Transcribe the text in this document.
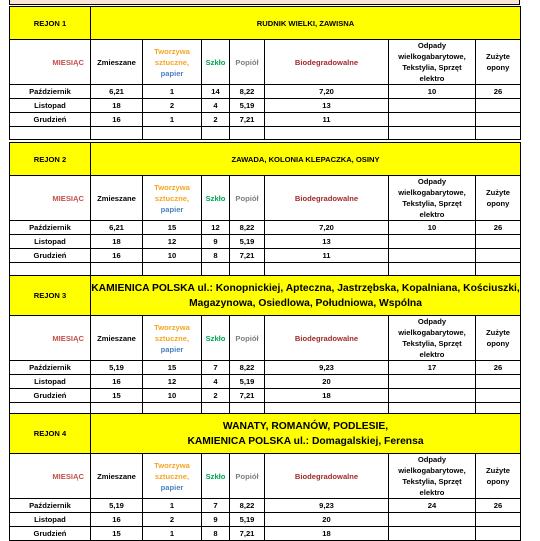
REJON 1	RUDNIK WIELKI, ZAWISNA						

MIESIĄC	Zmieszane	Tworzywa
sztuczne,
papier	Szkło	Popiół	Biodegradowalne	Odpady wielkogabarytowe, Tekstylia, Sprzęt elektro	Zużyte opony
Październik	6,21	1	14	8,22	7,20	10	26
Listopad	18	2	4	5,19	13		
Grudzień	16	1	2	7,21	11		

REJON 2	ZAWADA, KOLONIA KLEPACZKA, OSINY						

MIESIĄC	Zmieszane	Tworzywa
sztuczne,
papier	Szkło	Popiół	Biodegradowalne	Odpady wielkogabarytowe, Tekstylia, Sprzęt elektro	Zużyte opony
Październik	6,21	15	12	8,22	7,20	10	26
Listopad	18	12	9	5,19	13		
Grudzień	16	10	8	7,21	11		

REJON 3	KAMIENICA POLSKA ul.: Konopnickiej, Apteczna, Jastrzębska, Kopalniana, Kościuszki,
Magazynowa, Osiedlowa, Południowa, Wspólna						

MIESIĄC	Zmieszane	Tworzywa
sztuczne,
papier	Szkło	Popiół	Biodegradowalne	Odpady wielkogabarytowe, Tekstylia, Sprzęt elektro	Zużyte opony
Październik	5,19	15	7	8,22	9,23	17	26
Listopad	16	12	4	5,19	20		
Grudzień	15	10	2	7,21	18		

REJON 4	WANATY, ROMANÓW, PODLESIE,
KAMIENICA POLSKA ul.: Domagalskiej, Ferensa						

MIESIĄC	Zmieszane	Tworzywa
sztuczne,
papier	Szkło	Popiół	Biodegradowalne	Odpady wielkogabarytowe, Tekstylia, Sprzęt elektro	Zużyte opony
Październik	5,19	1	7	8,22	9,23	24	26
Listopad	16	2	9	5,19	20		
Grudzień	15	1	8	7,21	18		
